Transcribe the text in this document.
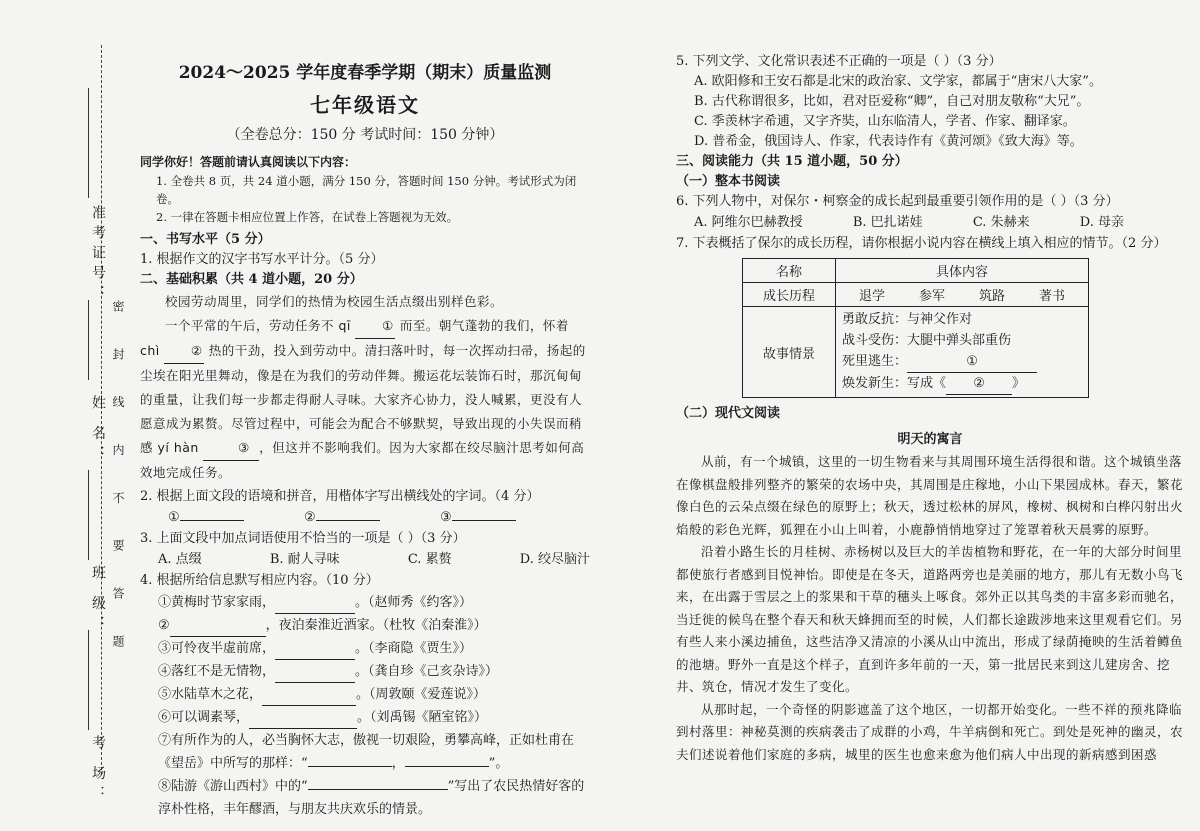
准考证号：
姓 名：
班 级：
考 场：
密 封 线 内 不 要 答 题
2024～2025 学年度春季学期（期末）质量监测
七年级语文
（全卷总分：150 分 考试时间：150 分钟）

同学你好！答题前请认真阅读以下内容：

1. 全卷共 8 页，共 24 道小题，满分 150 分，答题时间 150 分钟。考试形式为闭卷。

2. 一律在答题卡相应位置上作答，在试卷上答题视为无效。

一、书写水平（5 分）

1. 根据作文的汉字书写水平计分。（5 分）

二、基础积累（共 4 道小题，20 分）

校园劳动周里，同学们的热情为校园生活点缀出别样色彩。

一个平常的午后，劳动任务不 qī ① 而至。朝气蓬勃的我们，怀着 chì ② 热的干劲，投入到劳动中。清扫落叶时，每一次挥动扫帚，扬起的尘埃在阳光里舞动，像是在为我们的劳动伴舞。搬运花坛装饰石时，那沉甸甸的重量，让我们每一步都走得耐人寻味。大家齐心协力，没人喊累，更没有人愿意成为累赘。尽管过程中，可能会为配合不够默契，导致出现的小失误而稍感 yí hàn	③ ，但这并不影响我们。因为大家都在绞尽脑汁思考如何高效地完成任务。

2. 根据上面文段的语境和拼音，用楷体字写出横线处的字词。（4 分）

①	②	③

3. 上面文段中加点词语使用不恰当的一项是（ ）（3 分）

A. 点缀	B. 耐人寻味	C. 累赘	D. 绞尽脑汁

4. 根据所给信息默写相应内容。（10 分）

①黄梅时节家家雨，	。（赵师秀《约客》）
②	，夜泊秦淮近酒家。（杜牧《泊秦淮》）
③可怜夜半虚前席，	。（李商隐《贾生》）
④落红不是无情物，	。（龚自珍《己亥杂诗》）
⑤水陆草木之花，	。（周敦颐《爱莲说》）
⑥可以调素琴，	。（刘禹锡《陋室铭》）

⑦有所作为的人，必当胸怀大志，傲视一切艰险，勇攀高峰，正如杜甫在《望岳》中所写的那样：“	，	”。

⑧陆游《游山西村》中的“	”写出了农民热情好客的淳朴性格，丰年醪酒，与朋友共庆欢乐的情景。

5. 下列文学、文化常识表述不正确的一项是（ ）（3 分）

A. 欧阳修和王安石都是北宋的政治家、文学家，都属于“唐宋八大家”。
B. 古代称谓很多，比如，君对臣爱称“卿”，自己对朋友敬称“大兄”。
C. 季羡林字希逋，又字齐奘，山东临清人，学者、作家、翻译家。
D. 普希金，俄国诗人、作家，代表诗作有《黄河颂》《致大海》等。

三、阅读能力（共 15 道小题，50 分）

（一）整本书阅读

6. 下列人物中，对保尔・柯察金的成长起到最重要引领作用的是（ ）（3 分）

A. 阿维尔巴赫教授	B. 巴扎诺娃	C. 朱赫来	D. 母亲

7. 下表概括了保尔的成长历程，请你根据小说内容在横线上填入相应的情节。（2 分）

名称	具体内容
成长历程	退学 参军 筑路 著书

故事情景	勇敢反抗：与神父作对
战斗受伤：大腿中弹头部重伤
死里逃生： ①
焕发新生：写成《 ② 》

（二）现代文阅读

明天的寓言

从前，有一个城镇，这里的一切生物看来与其周围环境生活得很和谐。这个城镇坐落在像棋盘般排列整齐的繁荣的农场中央，其周围是庄稼地，小山下果园成林。春天，繁花像白色的云朵点缀在绿色的原野上；秋天，透过松林的屏风，橡树、枫树和白桦闪射出火焰般的彩色光辉，狐狸在小山上叫着，小鹿静悄悄地穿过了笼罩着秋天晨雾的原野。

沿着小路生长的月桂树、赤杨树以及巨大的羊齿植物和野花，在一年的大部分时间里都使旅行者感到目悦神怡。即使是在冬天，道路两旁也是美丽的地方，那儿有无数小鸟飞来，在出露于雪层之上的浆果和干草的穗头上啄食。郊外正以其鸟类的丰富多彩而驰名，当迁徙的候鸟在整个春天和秋天蜂拥而至的时候，人们都长途跋涉地来这里观看它们。另有些人来小溪边捕鱼，这些洁净又清凉的小溪从山中流出，形成了绿荫掩映的生活着鳟鱼的池塘。野外一直是这个样子，直到许多年前的一天，第一批居民来到这儿建房舍、挖井、筑仓，情况才发生了变化。

从那时起，一个奇怪的阴影遮盖了这个地区，一切都开始变化。一些不祥的预兆降临到村落里：神秘莫测的疾病袭击了成群的小鸡，牛羊病倒和死亡。到处是死神的幽灵，农夫们述说着他们家庭的多病，城里的医生也愈来愈为他们病人中出现的新病感到困惑
